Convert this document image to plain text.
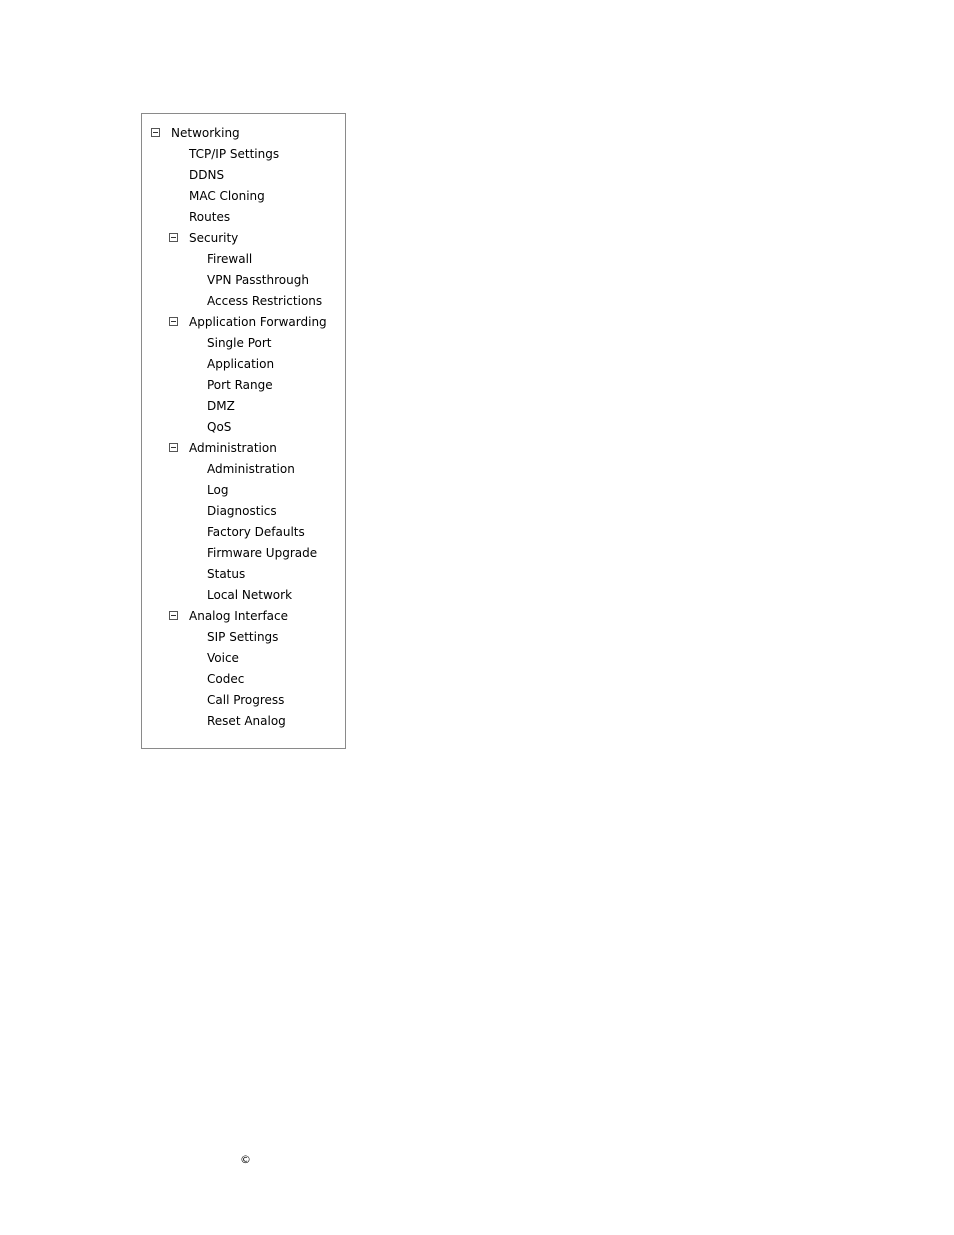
Networking
TCP/IP Settings
DDNS
MAC Cloning
Routes
Security
Firewall
VPN Passthrough
Access Restrictions
Application Forwarding
Single Port
Application
Port Range
DMZ
QoS
Administration
Administration
Log
Diagnostics
Factory Defaults
Firmware Upgrade
Status
Local Network
Analog Interface
SIP Settings
Voice
Codec
Call Progress
Reset Analog
©
